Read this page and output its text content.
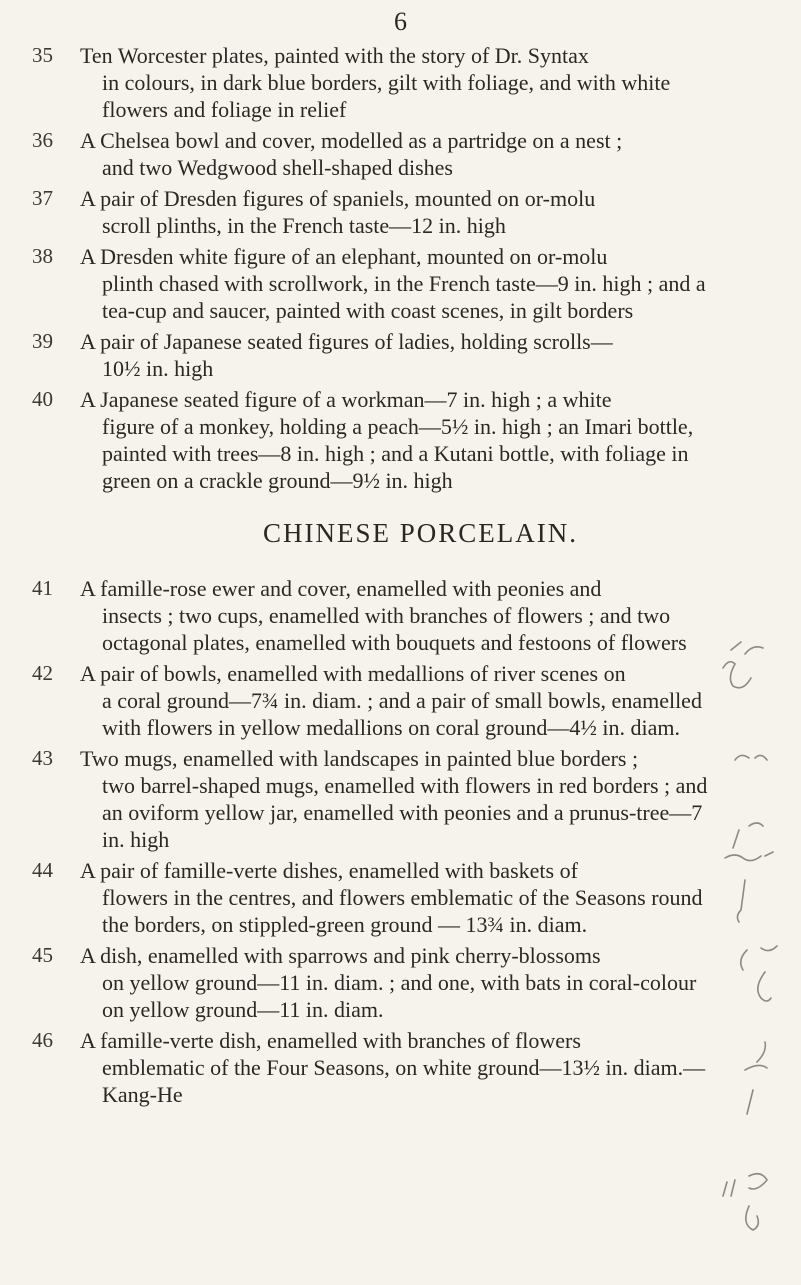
6
35 Ten Worcester plates, painted with the story of Dr. Syntax
in colours, in dark blue borders, gilt with foliage, and with white flowers and foliage in relief
36 A Chelsea bowl and cover, modelled as a partridge on a nest ;
and two Wedgwood shell-shaped dishes
37 A pair of Dresden figures of spaniels, mounted on or-molu
scroll plinths, in the French taste—12 in. high
38 A Dresden white figure of an elephant, mounted on or-molu
plinth chased with scrollwork, in the French taste—9 in. high ; and a tea-cup and saucer, painted with coast scenes, in gilt borders
39 A pair of Japanese seated figures of ladies, holding scrolls—
10½ in. high
40 A Japanese seated figure of a workman—7 in. high ; a white
figure of a monkey, holding a peach—5½ in. high ; an Imari bottle, painted with trees—8 in. high ; and a Kutani bottle, with foliage in green on a crackle ground—9½ in. high
CHINESE PORCELAIN.
41 A famille-rose ewer and cover, enamelled with peonies and
insects ; two cups, enamelled with branches of flowers ; and two octagonal plates, enamelled with bouquets and festoons of flowers
42 A pair of bowls, enamelled with medallions of river scenes on
a coral ground—7¾ in. diam. ; and a pair of small bowls, enamelled with flowers in yellow medallions on coral ground—4½ in. diam.
43 Two mugs, enamelled with landscapes in painted blue borders ;
two barrel-shaped mugs, enamelled with flowers in red borders ; and an oviform yellow jar, enamelled with peonies and a prunus-tree—7 in. high
44 A pair of famille-verte dishes, enamelled with baskets of
flowers in the centres, and flowers emblematic of the Seasons round the borders, on stippled-green ground — 13¾ in. diam.
45 A dish, enamelled with sparrows and pink cherry-blossoms
on yellow ground—11 in. diam. ; and one, with bats in coral-colour on yellow ground—11 in. diam.
46 A famille-verte dish, enamelled with branches of flowers
emblematic of the Four Seasons, on white ground—13½ in. diam.—Kang-He
